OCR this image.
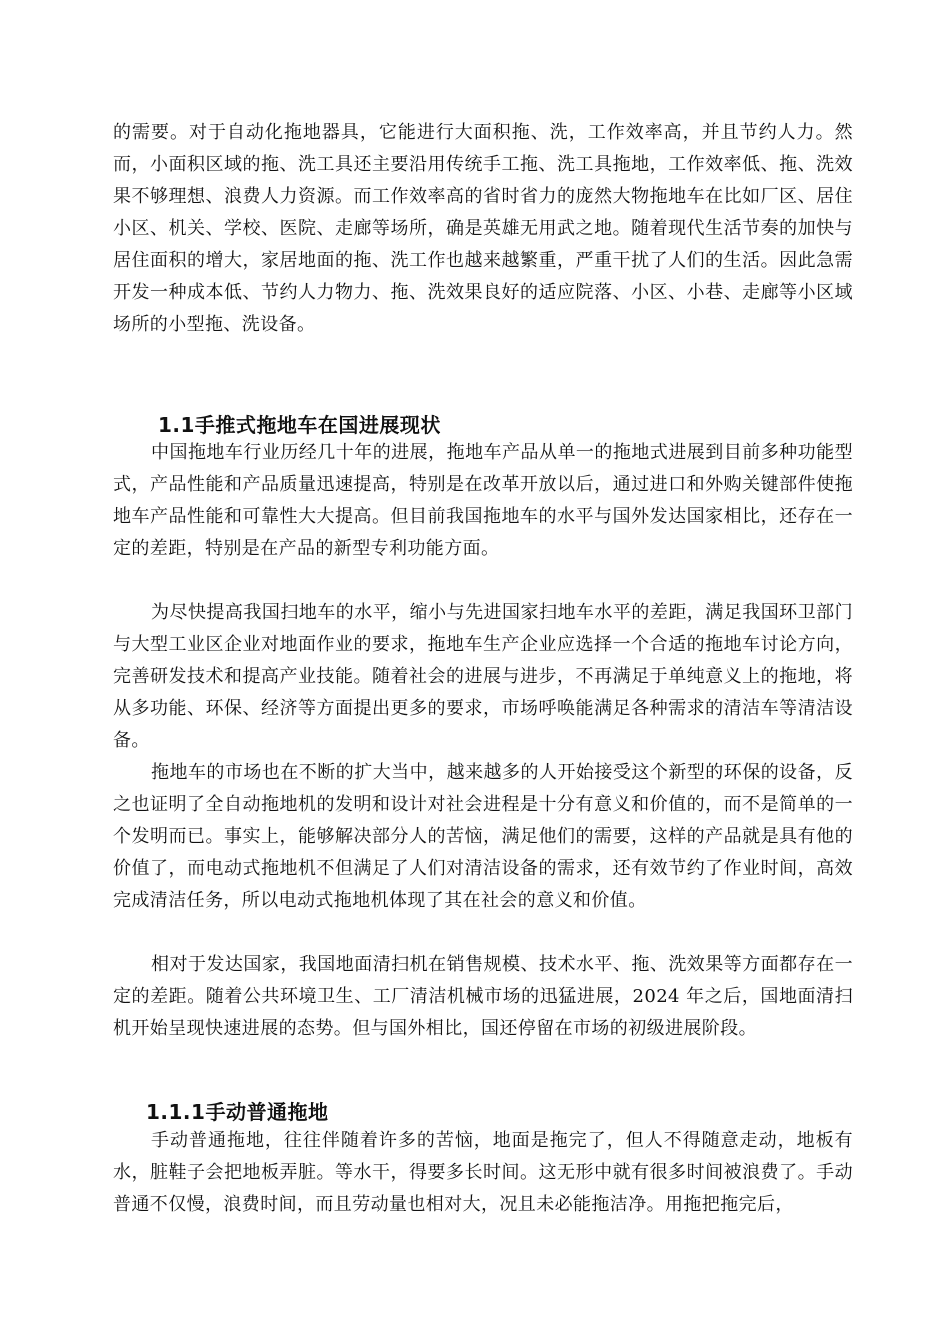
的需要。对于自动化拖地器具，它能进行大面积拖、洗，工作效率高，并且节约人力。然而，小面积区域的拖、洗工具还主要沿用传统手工拖、洗工具拖地，工作效率低、拖、洗效果不够理想、浪费人力资源。而工作效率高的省时省力的庞然大物拖地车在比如厂区、居住小区、机关、学校、医院、走廊等场所，确是英雄无用武之地。随着现代生活节奏的加快与居住面积的增大，家居地面的拖、洗工作也越来越繁重，严重干扰了人们的生活。因此急需开发一种成本低、节约人力物力、拖、洗效果良好的适应院落、小区、小巷、走廊等小区域场所的小型拖、洗设备。

1.1手推式拖地车在国进展现状

中国拖地车行业历经几十年的进展，拖地车产品从单一的拖地式进展到目前多种功能型式，产品性能和产品质量迅速提高，特别是在改革开放以后，通过进口和外购关键部件使拖地车产品性能和可靠性大大提高。但目前我国拖地车的水平与国外发达国家相比，还存在一定的差距，特别是在产品的新型专利功能方面。

为尽快提高我国扫地车的水平，缩小与先进国家扫地车水平的差距，满足我国环卫部门与大型工业区企业对地面作业的要求，拖地车生产企业应选择一个合适的拖地车讨论方向，完善研发技术和提高产业技能。随着社会的进展与进步，不再满足于单纯意义上的拖地，将从多功能、环保、经济等方面提出更多的要求，市场呼唤能满足各种需求的清洁车等清洁设备。

拖地车的市场也在不断的扩大当中，越来越多的人开始接受这个新型的环保的设备，反之也证明了全自动拖地机的发明和设计对社会进程是十分有意义和价值的，而不是简单的一个发明而已。事实上，能够解决部分人的苦恼，满足他们的需要，这样的产品就是具有他的价值了，而电动式拖地机不但满足了人们对清洁设备的需求，还有效节约了作业时间，高效完成清洁任务，所以电动式拖地机体现了其在社会的意义和价值。

相对于发达国家，我国地面清扫机在销售规模、技术水平、拖、洗效果等方面都存在一定的差距。随着公共环境卫生、工厂清洁机械市场的迅猛进展，2024 年之后，国地面清扫机开始呈现快速进展的态势。但与国外相比，国还停留在市场的初级进展阶段。

1.1.1手动普通拖地

手动普通拖地，往往伴随着许多的苦恼，地面是拖完了，但人不得随意走动，地板有水，脏鞋子会把地板弄脏。等水干，得要多长时间。这无形中就有很多时间被浪费了。手动普通不仅慢，浪费时间，而且劳动量也相对大，况且未必能拖洁净。用拖把拖完后，
